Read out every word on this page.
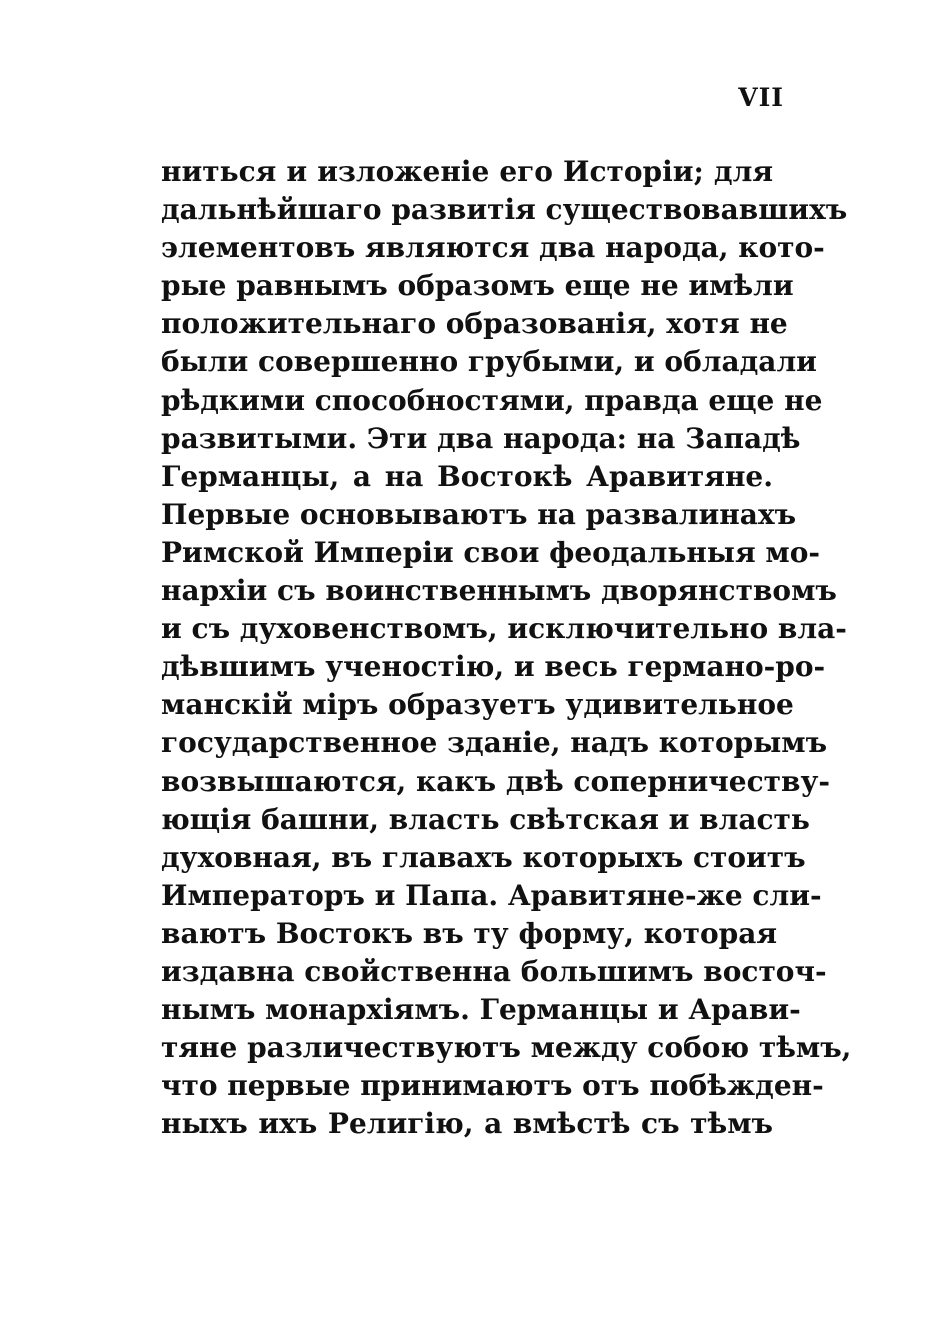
VII
ниться и изложеніе его Исторіи; для
дальнѣйшаго развитія существовавшихъ
элементовъ являются два народа, кото-
рые равнымъ образомъ еще не имѣли
положительнаго образованія, хотя не
были совершенно грубыми, и обладали
рѣдкими способностями, правда еще не
развитыми. Эти два народа: на Западѣ
Германцы, а на Востокѣ Аравитяне.
Первые основываютъ на развалинахъ
Римской Имперіи свои феодальныя мо-
нархіи съ воинственнымъ дворянствомъ
и съ духовенствомъ, исключительно вла-
дѣвшимъ ученостію, и весь германо-ро-
манскій міръ образуетъ удивительное
государственное зданіе, надъ которымъ
возвышаются, какъ двѣ соперничеству-
ющія башни, власть свѣтская и власть
духовная, въ главахъ которыхъ стоитъ
Императоръ и Папа. Аравитяне-же сли-
ваютъ Востокъ въ ту форму, которая
издавна свойственна большимъ восточ-
нымъ монархіямъ. Германцы и Арави-
тяне различествуютъ между собою тѣмъ,
что первые принимаютъ отъ побѣжден-
ныхъ ихъ Религію, а вмѣстѣ съ тѣмъ
